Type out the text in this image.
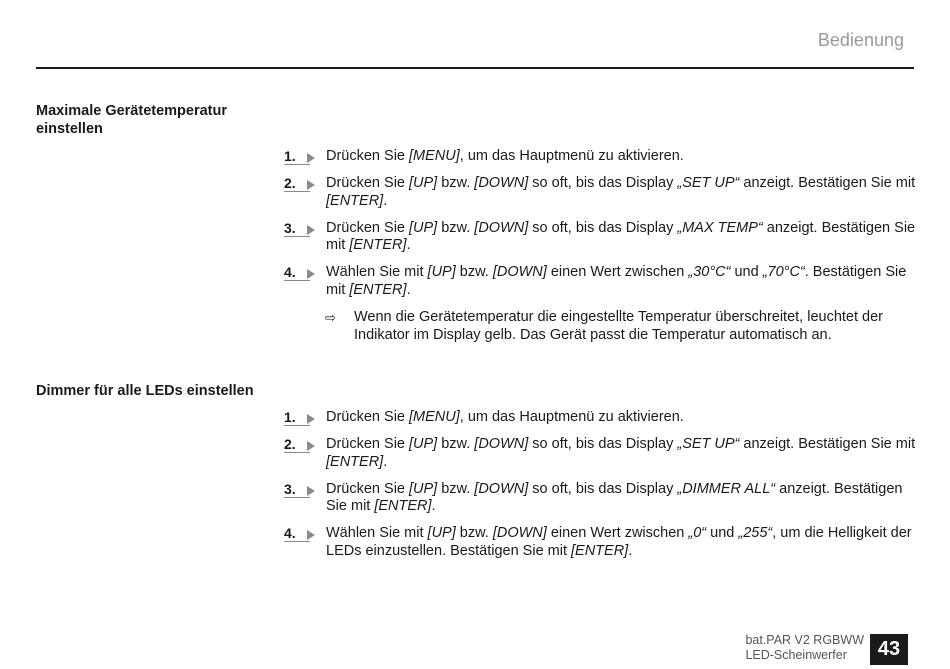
Bedienung
Maximale Gerätetemperatur einstellen
1.	Drücken Sie [MENU], um das Hauptmenü zu aktivieren.
2.	Drücken Sie [UP] bzw. [DOWN] so oft, bis das Display „SET UP“ anzeigt. Bestätigen Sie mit [ENTER].
3.	Drücken Sie [UP] bzw. [DOWN] so oft, bis das Display „MAX TEMP“ anzeigt. Bestätigen Sie mit [ENTER].
4.	Wählen Sie mit [UP] bzw. [DOWN] einen Wert zwischen „30°C“ und „70°C“. Bestätigen Sie mit [ENTER].
⇨ Wenn die Gerätetemperatur die eingestellte Temperatur überschreitet, leuchtet der Indikator im Display gelb. Das Gerät passt die Temperatur automatisch an.
Dimmer für alle LEDs einstellen
1.	Drücken Sie [MENU], um das Hauptmenü zu aktivieren.
2.	Drücken Sie [UP] bzw. [DOWN] so oft, bis das Display „SET UP“ anzeigt. Bestätigen Sie mit [ENTER].
3.	Drücken Sie [UP] bzw. [DOWN] so oft, bis das Display „DIMMER ALL“ anzeigt. Bestätigen Sie mit [ENTER].
4.	Wählen Sie mit [UP] bzw. [DOWN] einen Wert zwischen „0“ und „255“, um die Helligkeit der LEDs einzustellen. Bestätigen Sie mit [ENTER].
bat.PAR V2 RGBWW
LED-Scheinwerfer	43
